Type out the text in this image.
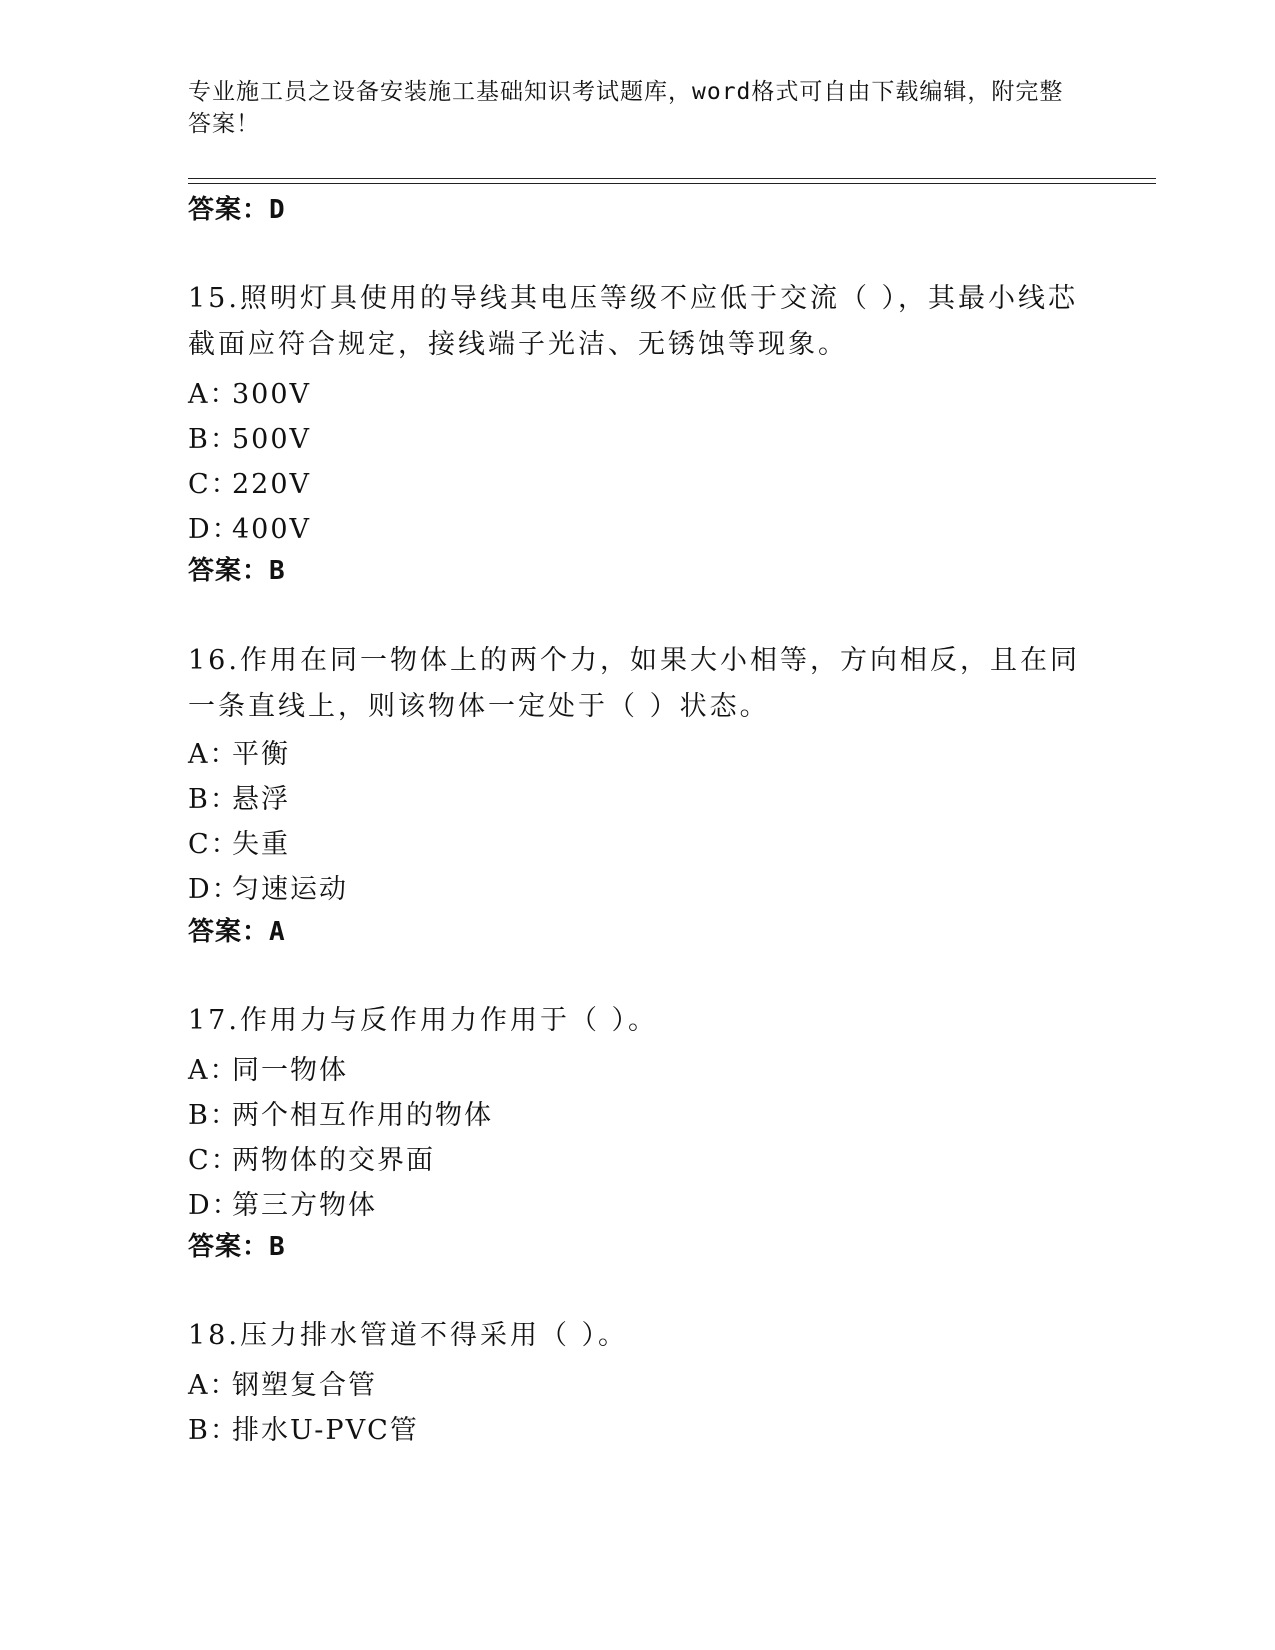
专业施工员之设备安装施工基础知识考试题库，word格式可自由下载编辑，附完整答案！
答案：D
15.照明灯具使用的导线其电压等级不应低于交流（ ），其最小线芯截面应符合规定，接线端子光洁、无锈蚀等现象。
A：300V
B：500V
C：220V
D：400V
答案：B
16.作用在同一物体上的两个力，如果大小相等，方向相反，且在同一条直线上，则该物体一定处于（ ）状态。
A：平衡
B：悬浮
C：失重
D：匀速运动
答案：A
17.作用力与反作用力作用于（ ）。
A：同一物体
B：两个相互作用的物体
C：两物体的交界面
D：第三方物体
答案：B
18.压力排水管道不得采用（ ）。
A：钢塑复合管
B：排水U-PVC管
